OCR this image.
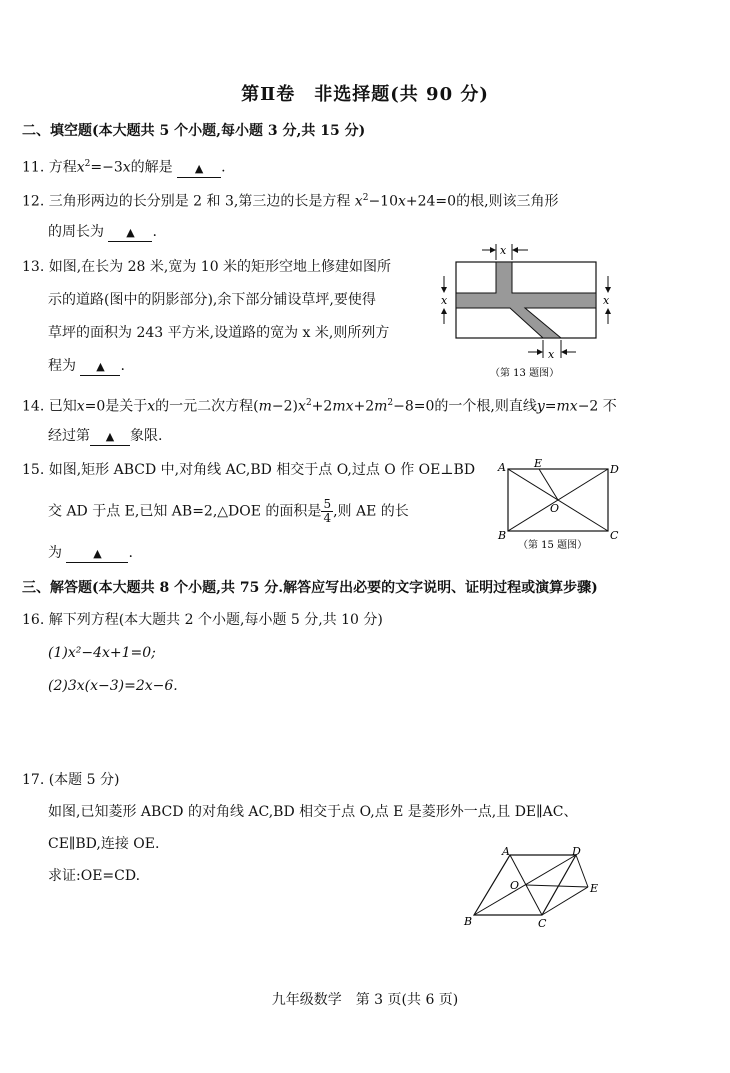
第Ⅱ卷　非选择题(共 90 分)
二、填空题(本大题共 5 个小题,每小题 3 分,共 15 分)
11. 方程$x^2=-3x$的解是 ▲ .
12. 三角形两边的长分别是 2 和 3,第三边的长是方程 $x^2-10x+24=0$的根,则该三角形
的周长为 ▲ .
13. 如图,在长为 28 米,宽为 10 米的矩形空地上修建如图所
示的道路(图中的阴影部分),余下部分铺设草坪,要使得
草坪的面积为 243 平方米,设道路的宽为 x 米,则所列方
程为 ▲ .
x
x	x
x
（第 13 题图）
14. 已知x=0是关于x的一元二次方程$(m-2)x^2+2mx+2m^2-8=0$的一个根,则直线y=mx−2 不
经过第 ▲ 象限.
15. 如图,矩形 ABCD 中,对角线 AC,BD 相交于点 O,过点 O 作 OE⊥BD
交 AD 于点 E,已知 AB=2,△DOE 的面积是 $\frac{5}{4}$ ,则 AE 的长
为	▲ .
A	E	D
O
B	C
（第 15 题图）
三、解答题(本大题共 8 个小题,共 75 分.解答应写出必要的文字说明、证明过程或演算步骤)
16. 解下列方程(本大题共 2 个小题,每小题 5 分,共 10 分)
(1)x²−4x+1=0;
(2)3x(x−3)=2x−6.
17. (本题 5 分)
如图,已知菱形 ABCD 的对角线 AC,BD 相交于点 O,点 E 是菱形外一点,且 DE∥AC、
CE∥BD,连接 OE.
求证:OE=CD.
A	D
O	E
B	C
九年级数学　第 3 页(共 6 页)
